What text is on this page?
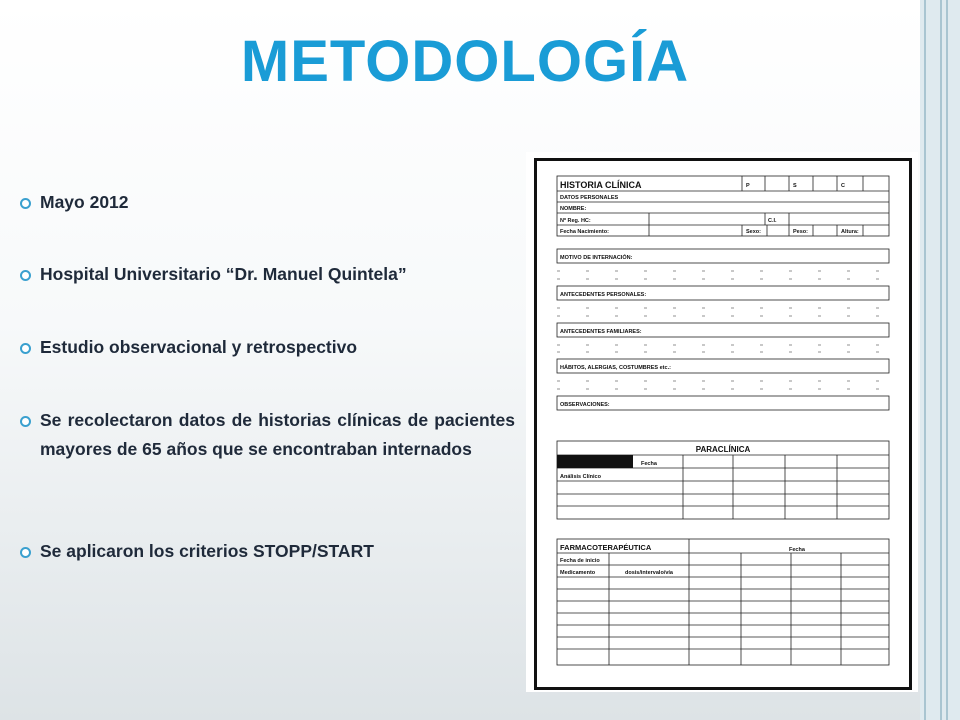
METODOLOGÍA
Mayo 2012
Hospital Universitario “Dr. Manuel Quintela”
Estudio observacional y retrospectivo
Se recolectaron datos de historias clínicas de pacientes mayores de 65 años que se encontraban internados
Se aplicaron los criterios STOPP/START
HISTORIA CLÍNICA	P	S	C
DATOS PERSONALES
NOMBRE:
Nº Reg. HC:	C.I.
Fecha Nacimiento:	Sexo:	Peso:	Altura:
MOTIVO DE INTERNACIÓN:
ANTECEDENTES PERSONALES:
ANTECEDENTES FAMILIARES:
HÁBITOS, ALERGIAS, COSTUMBRES etc.:
OBSERVACIONES:
PARACLÍNICA
Fecha
Análisis Clínico
FARMACOTERAPÉUTICA	Fecha
Fecha de inicio
Medicamento	dosis/intervalo/vía
